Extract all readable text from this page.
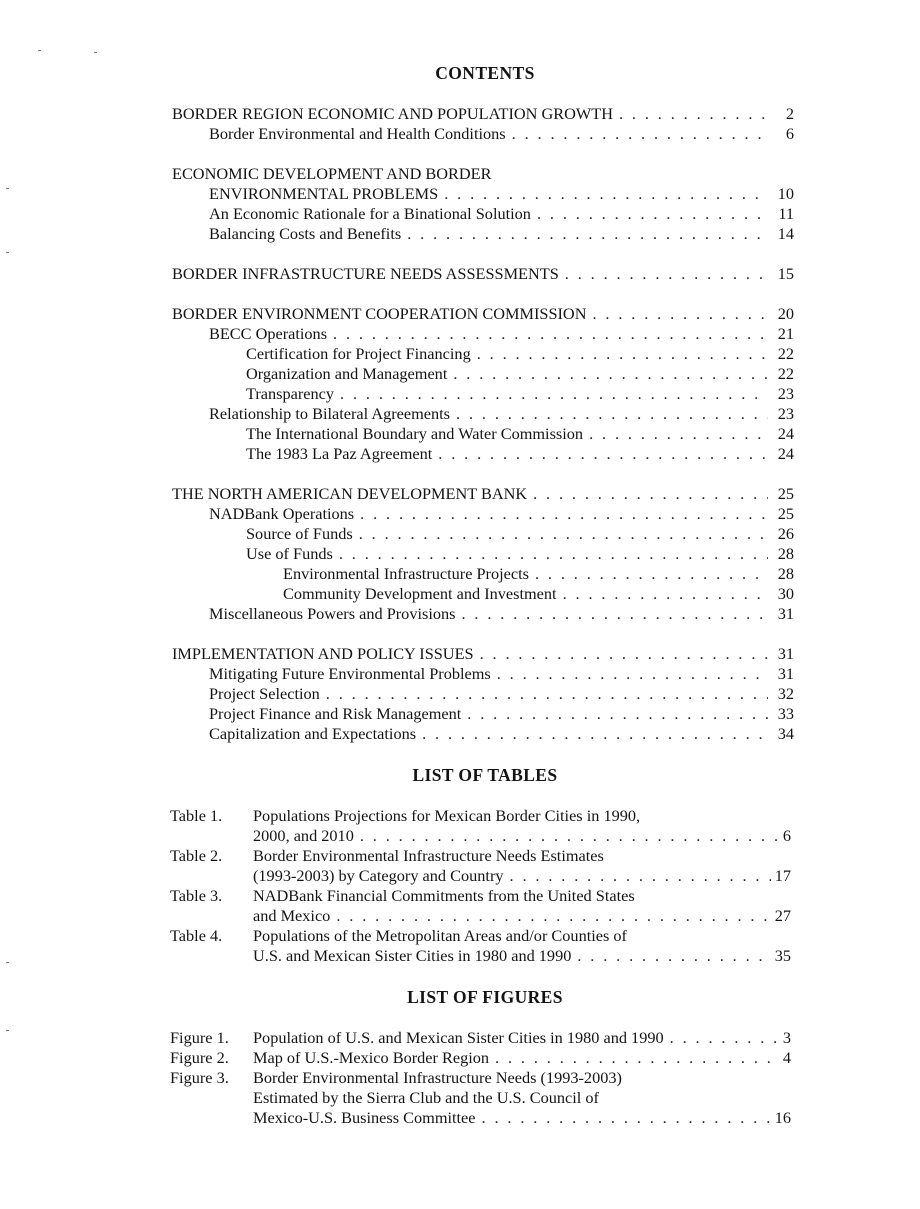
CONTENTS
BORDER REGION ECONOMIC AND POPULATION GROWTH . . .	2
Border Environmental and Health Conditions . . .	6
ECONOMIC DEVELOPMENT AND BORDER
ENVIRONMENTAL PROBLEMS . . .	10
An Economic Rationale for a Binational Solution . . .	11
Balancing Costs and Benefits . . .	14
BORDER INFRASTRUCTURE NEEDS ASSESSMENTS . . .	15
BORDER ENVIRONMENT COOPERATION COMMISSION . . .	20
BECC Operations . . .	21
Certification for Project Financing . . .	22
Organization and Management . . .	22
Transparency . . .	23
Relationship to Bilateral Agreements . . .	23
The International Boundary and Water Commission . . .	24
The 1983 La Paz Agreement . . .	24
THE NORTH AMERICAN DEVELOPMENT BANK . . .	25
NADBank Operations . . .	25
Source of Funds . . .	26
Use of Funds . . .	28
Environmental Infrastructure Projects . . .	28
Community Development and Investment . . .	30
Miscellaneous Powers and Provisions . . .	31
IMPLEMENTATION AND POLICY ISSUES . . .	31
Mitigating Future Environmental Problems . . .	31
Project Selection . . .	32
Project Finance and Risk Management . . .	33
Capitalization and Expectations . . .	34
LIST OF TABLES
Table 1. Populations Projections for Mexican Border Cities in 1990,
2000, and 2010 . . .	6
Table 2. Border Environmental Infrastructure Needs Estimates
(1993-2003) by Category and Country . . .	17
Table 3. NADBank Financial Commitments from the United States
and Mexico . . .	27
Table 4. Populations of the Metropolitan Areas and/or Counties of
U.S. and Mexican Sister Cities in 1980 and 1990 . . .	35
LIST OF FIGURES
Figure 1. Population of U.S. and Mexican Sister Cities in 1980 and 1990 . . .	3
Figure 2. Map of U.S.-Mexico Border Region . . .	4
Figure 3. Border Environmental Infrastructure Needs (1993-2003)
Estimated by the Sierra Club and the U.S. Council of
Mexico-U.S. Business Committee . . .	16
